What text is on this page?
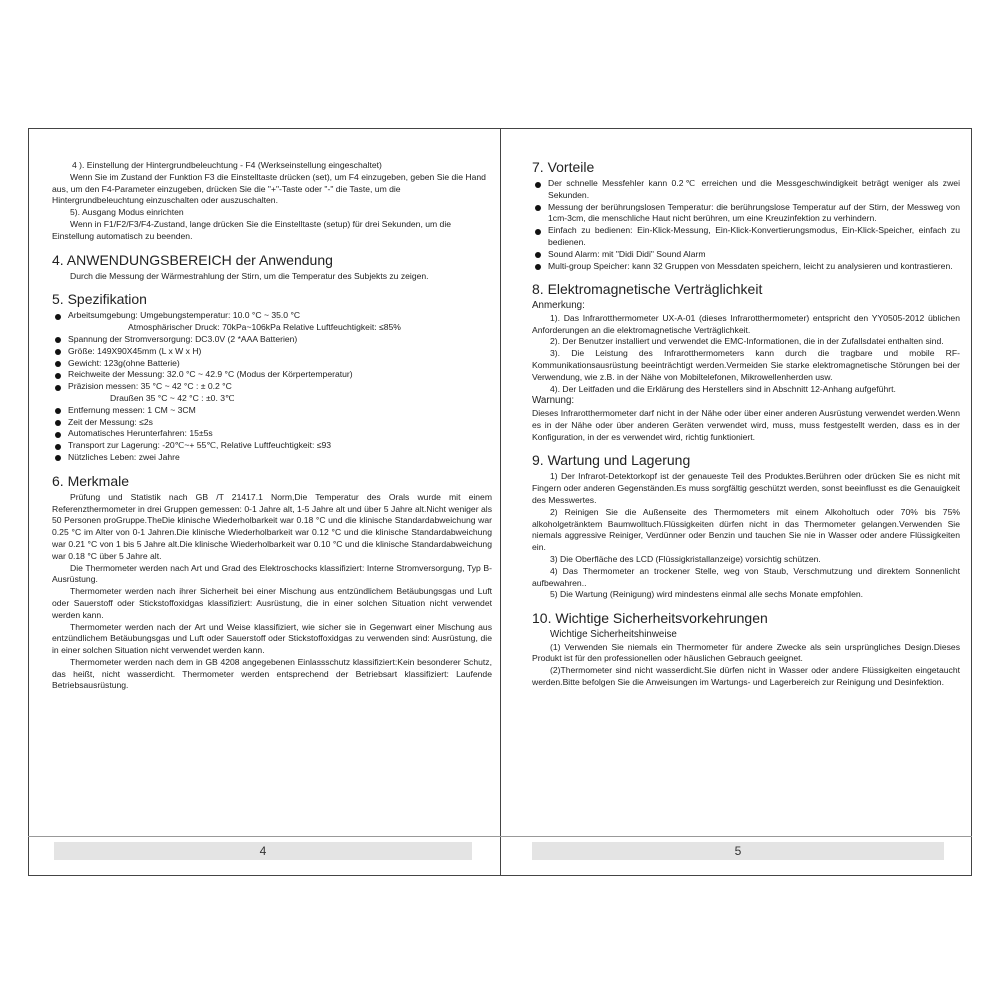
4 ). Einstellung der Hintergrundbeleuchtung - F4 (Werkseinstellung eingeschaltet)

Wenn Sie im Zustand der Funktion F3 die Einstelltaste drücken (set), um F4 einzugeben, geben Sie die Hand aus, um den F4-Parameter einzugeben, drücken Sie die "+"-Taste oder "-" die Taste, um die Hintergrundbeleuchtung einzuschalten oder auszuschalten.

5). Ausgang Modus einrichten

Wenn in F1/F2/F3/F4-Zustand, lange drücken Sie die Einstelltaste (setup) für drei Sekunden, um die Einstellung automatisch zu beenden.

4. ANWENDUNGSBEREICH der Anwendung

Durch die Messung der Wärmestrahlung der Stirn, um die Temperatur des Subjekts zu zeigen.

5. Spezifikation

Arbeitsumgebung: Umgebungstemperatur: 10.0 °C ~ 35.0 °C

Atmosphärischer Druck: 70kPa~106kPa Relative Luftfeuchtigkeit: ≤85%

Spannung der Stromversorgung: DC3.0V (2 *AAA Batterien)

Größe: 149X90X45mm (L x W x H)

Gewicht: 123g(ohne Batterie)

Reichweite der Messung: 32.0 °C ~ 42.9 °C (Modus der Körpertemperatur)

Präzision messen: 35 °C ~ 42 °C : ± 0.2 °C

Draußen 35 °C ~ 42 °C : ±0. 3℃

Entfernung messen: 1 CM ~ 3CM

Zeit der Messung: ≤2s

Automatisches Herunterfahren: 15±5s

Transport zur Lagerung: -20℃~+ 55℃, Relative Luftfeuchtigkeit: ≤93

Nützliches Leben: zwei Jahre

6. Merkmale

Prüfung und Statistik nach GB /T 21417.1 Norm,Die Temperatur des Orals wurde mit einem Referenzthermometer in drei Gruppen gemessen: 0-1 Jahre alt, 1-5 Jahre alt und über 5 Jahre alt.Nicht weniger als 50 Personen proGruppe.TheDie klinische Wiederholbarkeit war 0.18 °C und die klinische Standardabweichung war 0.25 °C im Alter von 0-1 Jahren.Die klinische Wiederholbarkeit war 0.12 °C und die klinische Standardabweichung war 0.21 °C von 1 bis 5 Jahre alt.Die klinische Wiederholbarkeit war 0.10 °C und die klinische Standardabweichung war 0.18 °C über 5 Jahre alt.

Die Thermometer werden nach Art und Grad des Elektroschocks klassifiziert: Interne Stromversorgung, Typ B-Ausrüstung.

Thermometer werden nach ihrer Sicherheit bei einer Mischung aus entzündlichem Betäubungsgas und Luft oder Sauerstoff oder Stickstoffoxidgas klassifiziert: Ausrüstung, die in einer solchen Situation nicht verwendet werden kann.

Thermometer werden nach der Art und Weise klassifiziert, wie sicher sie in Gegenwart einer Mischung aus entzündlichem Betäubungsgas und Luft oder Sauerstoff oder Stickstoffoxidgas zu verwenden sind: Ausrüstung, die in einer solchen Situation nicht verwendet werden kann.

Thermometer werden nach dem in GB 4208 angegebenen Einlassschutz klassifiziert:Kein besonderer Schutz, das heißt, nicht wasserdicht. Thermometer werden entsprechend der Betriebsart klassifiziert: Laufende Betriebsausrüstung.

7. Vorteile

Der schnelle Messfehler kann 0.2℃ erreichen und die Messgeschwindigkeit beträgt weniger als zwei Sekunden.

Messung der berührungslosen Temperatur: die berührungslose Temperatur auf der Stirn, der Messweg von 1cm-3cm, die menschliche Haut nicht berühren, um eine Kreuzinfektion zu verhindern.

Einfach zu bedienen: Ein-Klick-Messung, Ein-Klick-Konvertierungsmodus, Ein-Klick-Speicher, einfach zu bedienen.

Sound Alarm: mit "Didi Didi" Sound Alarm

Multi-group Speicher: kann 32 Gruppen von Messdaten speichern, leicht zu analysieren und kontrastieren.

8. Elektromagnetische Verträglichkeit

Anmerkung:

1). Das Infrarotthermometer UX-A-01 (dieses Infrarotthermometer) entspricht den YY0505-2012 üblichen Anforderungen an die elektromagnetische Verträglichkeit.

2). Der Benutzer installiert und verwendet die EMC-Informationen, die in der Zufallsdatei enthalten sind.

3). Die Leistung des Infrarotthermometers kann durch die tragbare und mobile RF-Kommunikationsausrüstung beeinträchtigt werden.Vermeiden Sie starke elektromagnetische Störungen bei der Verwendung, wie z.B. in der Nähe von Mobiltelefonen, Mikrowellenherden usw.

4). Der Leitfaden und die Erklärung des Herstellers sind in Abschnitt 12-Anhang aufgeführt.

Warnung:

Dieses Infrarotthermometer darf nicht in der Nähe oder über einer anderen Ausrüstung verwendet werden.Wenn es in der Nähe oder über anderen Geräten verwendet wird, muss, muss festgestellt werden, dass es in der Konfiguration, in der es verwendet wird, richtig funktioniert.

9. Wartung und Lagerung

1) Der Infrarot-Detektorkopf ist der genaueste Teil des Produktes.Berühren oder drücken Sie es nicht mit Fingern oder anderen Gegenständen.Es muss sorgfältig geschützt werden, sonst beeinflusst es die Genauigkeit des Messwertes.

2) Reinigen Sie die Außenseite des Thermometers mit einem Alkoholtuch oder 70% bis 75% alkoholgetränktem Baumwolltuch.Flüssigkeiten dürfen nicht in das Thermometer gelangen.Verwenden Sie niemals aggressive Reiniger, Verdünner oder Benzin und tauchen Sie nie in Wasser oder andere Flüssigkeiten ein.

3) Die Oberfläche des LCD (Flüssigkristallanzeige) vorsichtig schützen.

4) Das Thermometer an trockener Stelle, weg von Staub, Verschmutzung und direktem Sonnenlicht aufbewahren..

5) Die Wartung (Reinigung) wird mindestens einmal alle sechs Monate empfohlen.

10. Wichtige Sicherheitsvorkehrungen

Wichtige Sicherheitshinweise

(1) Verwenden Sie niemals ein Thermometer für andere Zwecke als sein ursprüngliches Design.Dieses Produkt ist für den professionellen oder häuslichen Gebrauch geeignet.

(2)Thermometer sind nicht wasserdicht.Sie dürfen nicht in Wasser oder andere Flüssigkeiten eingetaucht werden.Bitte befolgen Sie die Anweisungen im Wartungs- und Lagerbereich zur Reinigung und Desinfektion.

4	5
